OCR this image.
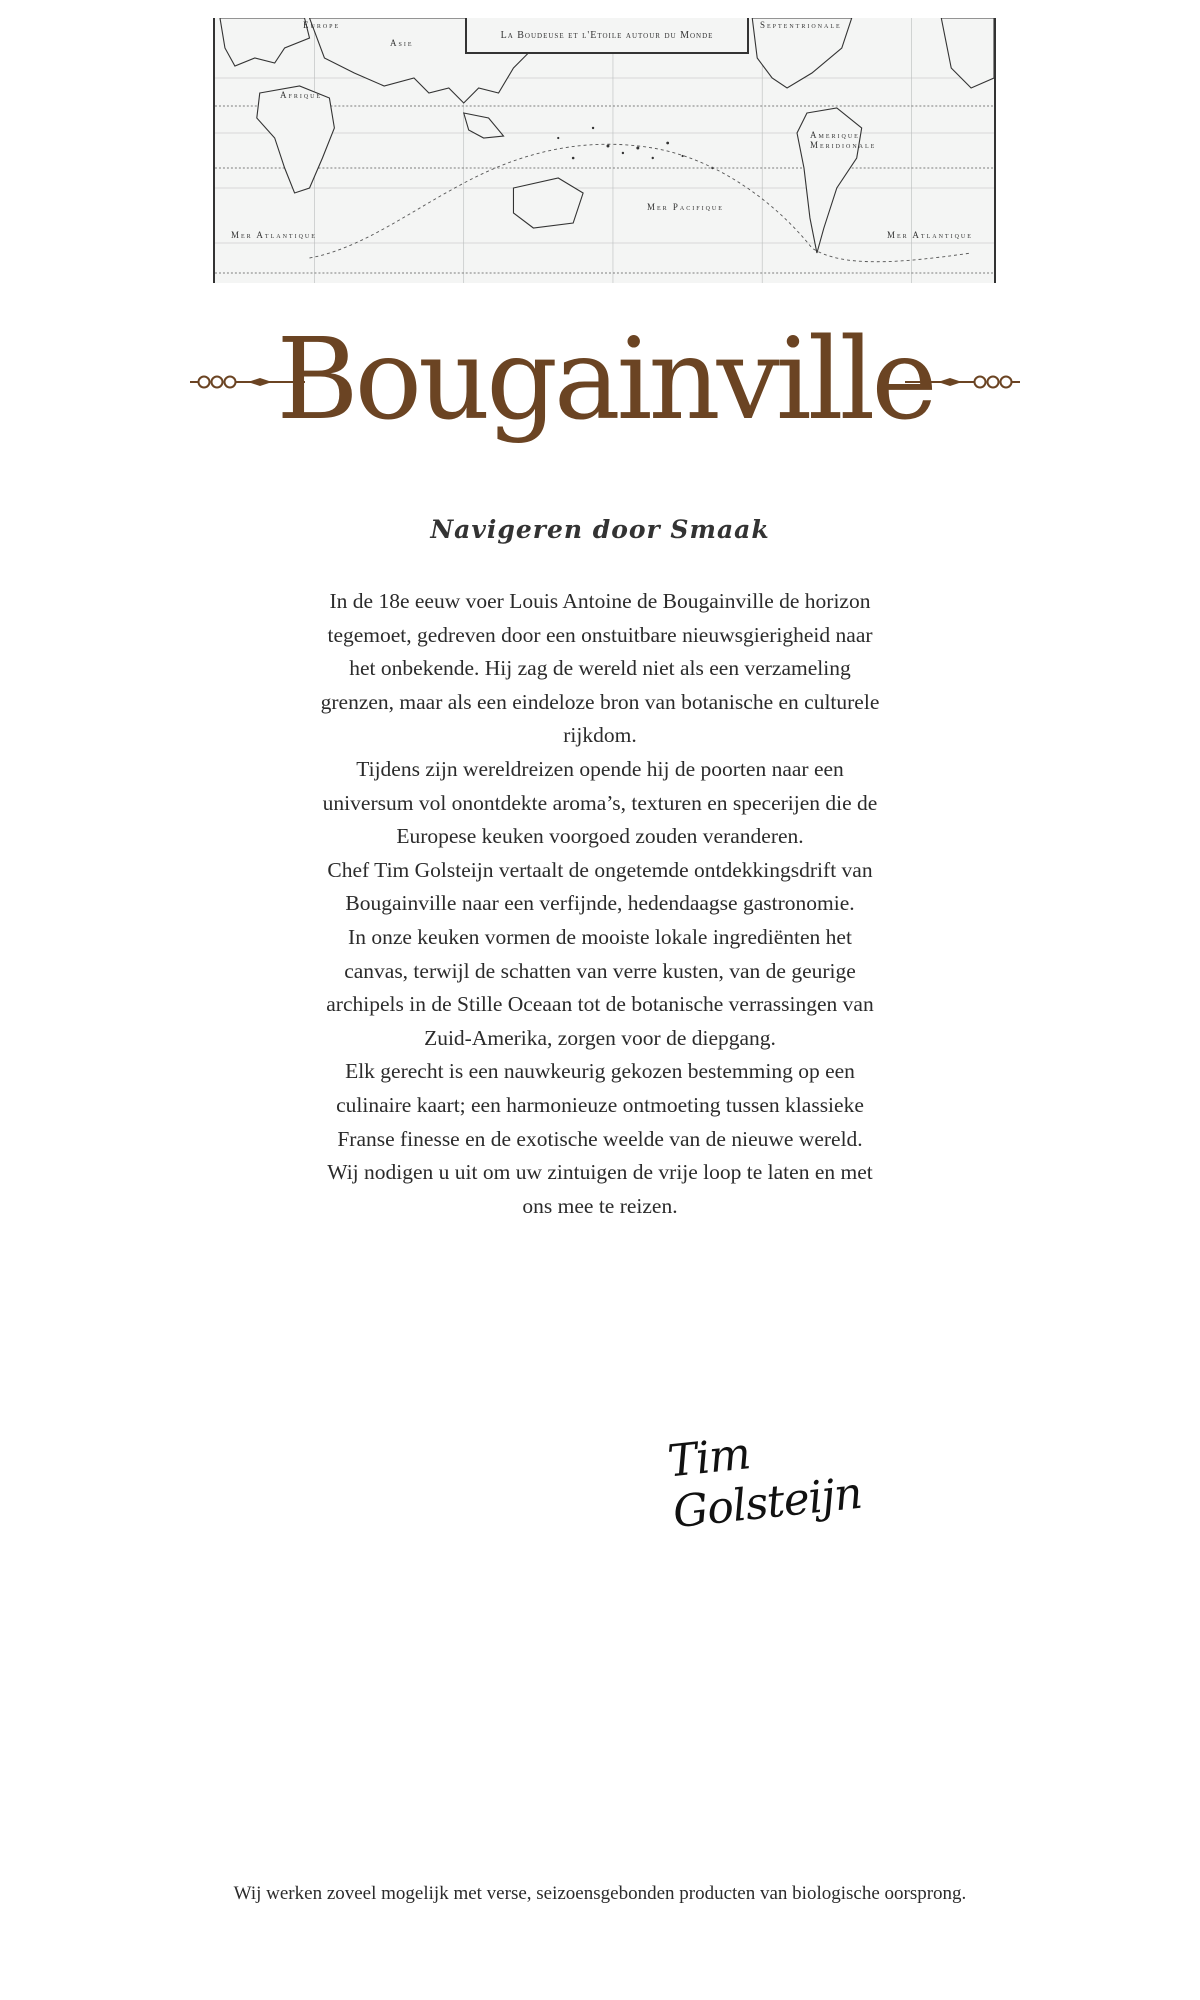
La Boudeuse et l'Etoile autour du Monde
Europe
Asie
Afrique
Septentrionale
Amerique Meridionale
Mer Pacifique
Mer Atlantique	Mer Atlantique
Bougainville
Navigeren door Smaak

In de 18e eeuw voer Louis Antoine de Bougainville de horizon tegemoet, gedreven door een onstuitbare nieuwsgierigheid naar het onbekende. Hij zag de wereld niet als een verzameling grenzen, maar als een eindeloze bron van botanische en culturele rijkdom.

Tijdens zijn wereldreizen opende hij de poorten naar een universum vol onontdekte aroma’s, texturen en specerijen die de Europese keuken voorgoed zouden veranderen.

Chef Tim Golsteijn vertaalt de ongetemde ontdekkingsdrift van Bougainville naar een verfijnde, hedendaagse gastronomie.

In onze keuken vormen de mooiste lokale ingrediënten het canvas, terwijl de schatten van verre kusten, van de geurige archipels in de Stille Oceaan tot de botanische verrassingen van Zuid-Amerika, zorgen voor de diepgang.

Elk gerecht is een nauwkeurig gekozen bestemming op een culinaire kaart; een harmonieuze ontmoeting tussen klassieke Franse finesse en de exotische weelde van de nieuwe wereld.

Wij nodigen u uit om uw zintuigen de vrije loop te laten en met ons mee te reizen.

Tim Golsteijn
Wij werken zoveel mogelijk met verse, seizoensgebonden producten van biologische oorsprong.
